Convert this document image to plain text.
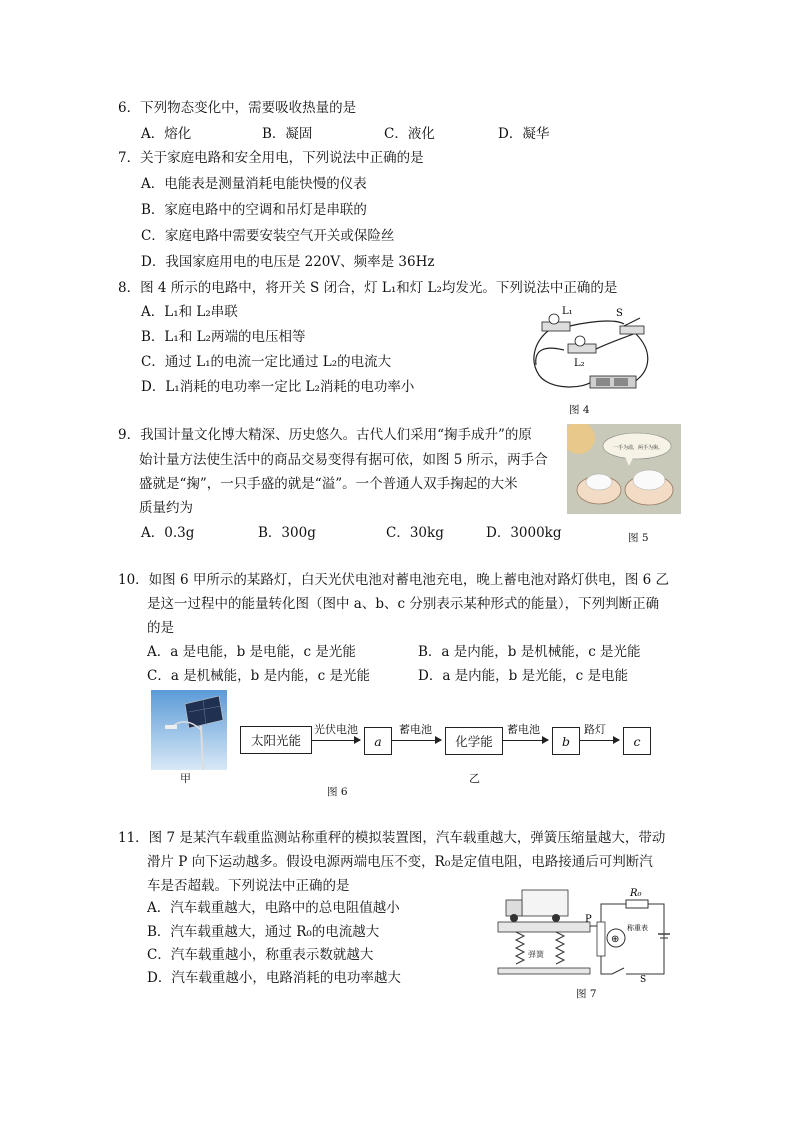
6．下列物态变化中，需要吸收热量的是
A．熔化	B．凝固	C．液化	D．凝华
7．关于家庭电路和安全用电，下列说法中正确的是
A．电能表是测量消耗电能快慢的仪表
B．家庭电路中的空调和吊灯是串联的
C．家庭电路中需要安装空气开关或保险丝
D．我国家庭用电的电压是 220V、频率是 36Hz
8．图 4 所示的电路中，将开关 S 闭合，灯 L₁和灯 L₂均发光。下列说法中正确的是
A．L₁和 L₂串联
B．L₁和 L₂两端的电压相等
C．通过 L₁的电流一定比通过 L₂的电流大
D．L₁消耗的电功率一定比 L₂消耗的电功率小
L₁
L₂
S
图 4
9．我国计量文化博大精深、历史悠久。古代人们采用“掬手成升”的原
始计量方法使生活中的商品交易变得有据可依，如图 5 所示，两手合
盛就是“掬”，一只手盛的就是“溢”。一个普通人双手掬起的大米
质量约为
A．0.3g	B．300g	C．30kg	D．3000kg
一手为溢，两手为掬。
图 5
10．如图 6 甲所示的某路灯，白天光伏电池对蓄电池充电，晚上蓄电池对路灯供电，图 6 乙
是这一过程中的能量转化图（图中 a、b、c 分别表示某种形式的能量），下列判断正确
的是
A．a 是电能，b 是电能，c 是光能	B．a 是内能，b 是机械能，c 是光能
C．a 是机械能，b 是内能，c 是光能	D．a 是内能，b 是光能，c 是电能
甲
太阳光能
光伏电池
a
蓄电池
化学能
蓄电池
b
路灯
c
乙
图 6
11．图 7 是某汽车载重监测站称重秤的模拟装置图，汽车载重越大，弹簧压缩量越大，带动
滑片 P 向下运动越多。假设电源两端电压不变，R₀是定值电阻，电路接通后可判断汽
车是否超载。下列说法中正确的是
A．汽车载重越大，电路中的总电阻值越小
B．汽车载重越大，通过 R₀的电流越大
C．汽车载重越小，称重表示数就越大
D．汽车载重越小，电路消耗的电功率越大
弹簧
P
R₀
⊕
称重表
S
图 7
